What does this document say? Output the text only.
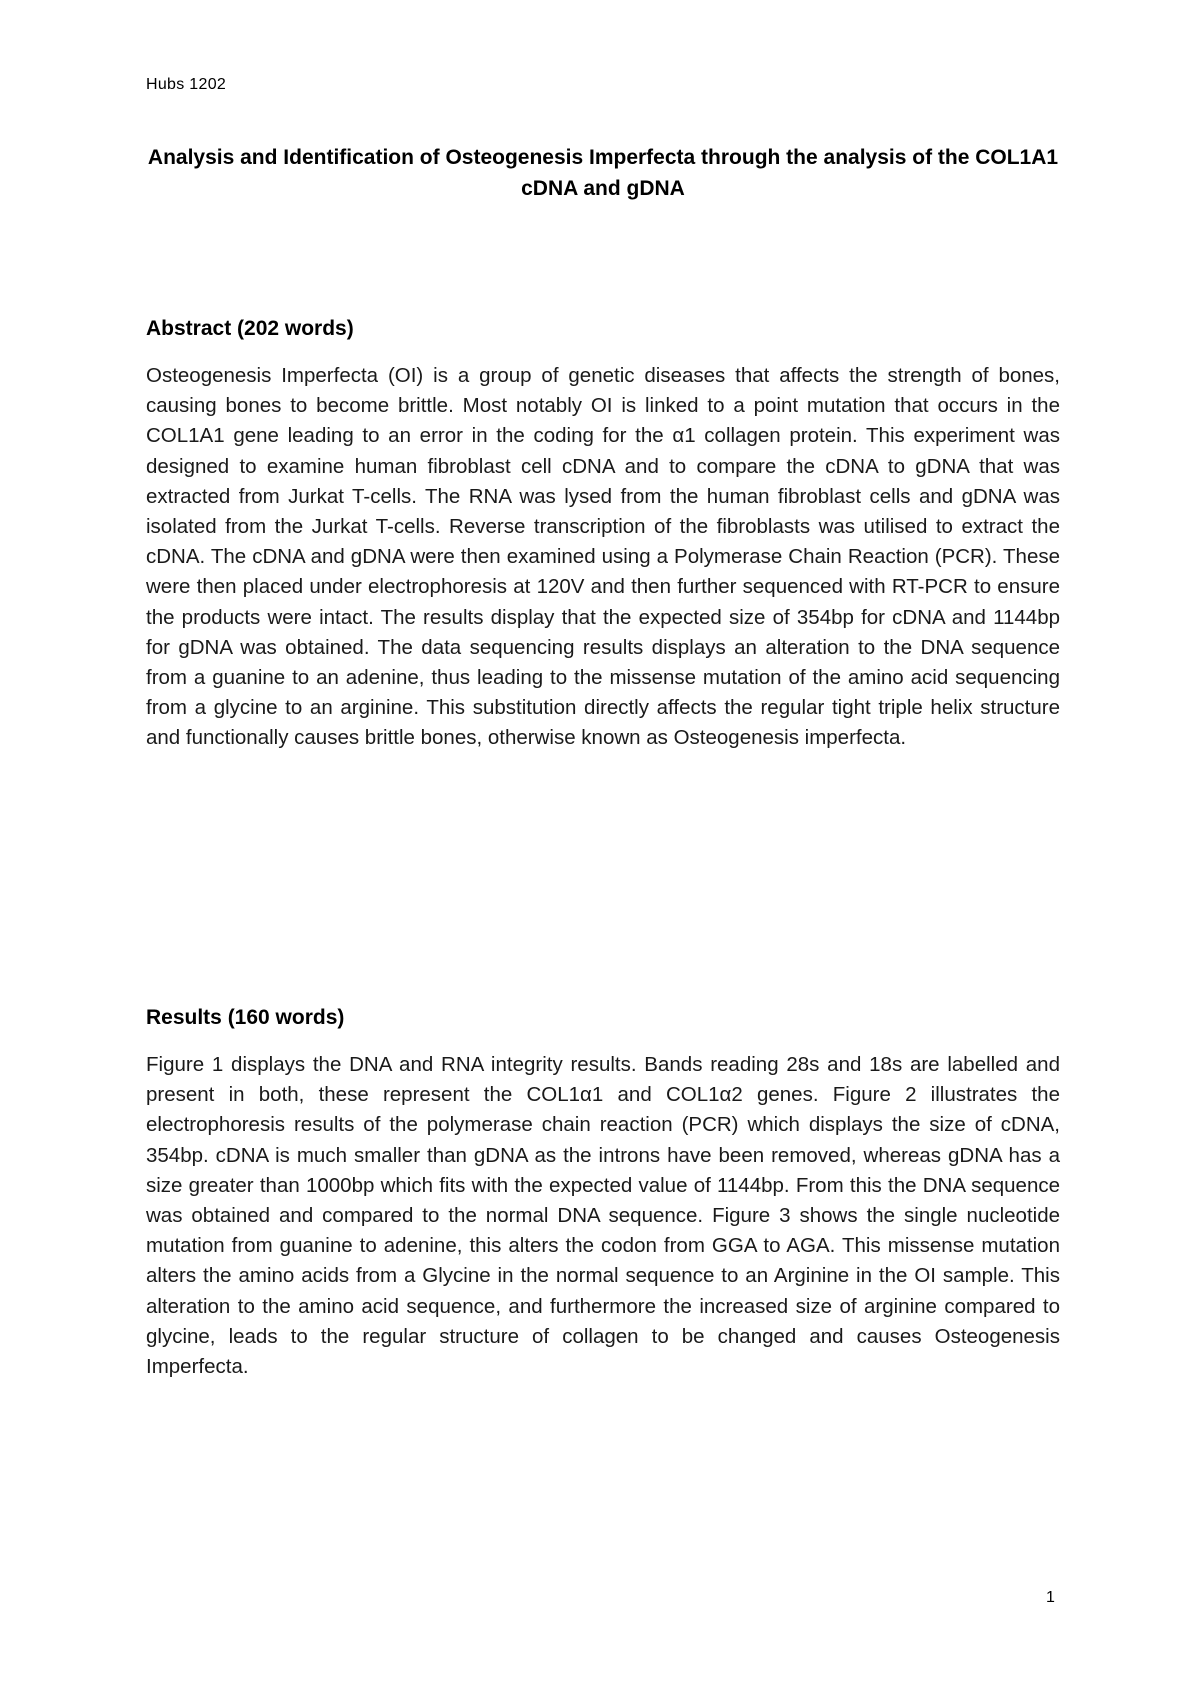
Hubs 1202
Analysis and Identification of Osteogenesis Imperfecta through the analysis of the COL1A1 cDNA and gDNA
Abstract (202 words)
Osteogenesis Imperfecta (OI) is a group of genetic diseases that affects the strength of bones, causing bones to become brittle. Most notably OI is linked to a point mutation that occurs in the COL1A1 gene leading to an error in the coding for the α1 collagen protein. This experiment was designed to examine human fibroblast cell cDNA and to compare the cDNA to gDNA that was extracted from Jurkat T-cells. The RNA was lysed from the human fibroblast cells and gDNA was isolated from the Jurkat T-cells. Reverse transcription of the fibroblasts was utilised to extract the cDNA. The cDNA and gDNA were then examined using a Polymerase Chain Reaction (PCR). These were then placed under electrophoresis at 120V and then further sequenced with RT-PCR to ensure the products were intact. The results display that the expected size of 354bp for cDNA and 1144bp for gDNA was obtained. The data sequencing results displays an alteration to the DNA sequence from a guanine to an adenine, thus leading to the missense mutation of the amino acid sequencing from a glycine to an arginine. This substitution directly affects the regular tight triple helix structure and functionally causes brittle bones, otherwise known as Osteogenesis imperfecta.
Results (160 words)
Figure 1 displays the DNA and RNA integrity results. Bands reading 28s and 18s are labelled and present in both, these represent the COL1α1 and COL1α2 genes. Figure 2 illustrates the electrophoresis results of the polymerase chain reaction (PCR) which displays the size of cDNA, 354bp. cDNA is much smaller than gDNA as the introns have been removed, whereas gDNA has a size greater than 1000bp which fits with the expected value of 1144bp. From this the DNA sequence was obtained and compared to the normal DNA sequence. Figure 3 shows the single nucleotide mutation from guanine to adenine, this alters the codon from GGA to AGA. This missense mutation alters the amino acids from a Glycine in the normal sequence to an Arginine in the OI sample. This alteration to the amino acid sequence, and furthermore the increased size of arginine compared to glycine, leads to the regular structure of collagen to be changed and causes Osteogenesis Imperfecta.
1
